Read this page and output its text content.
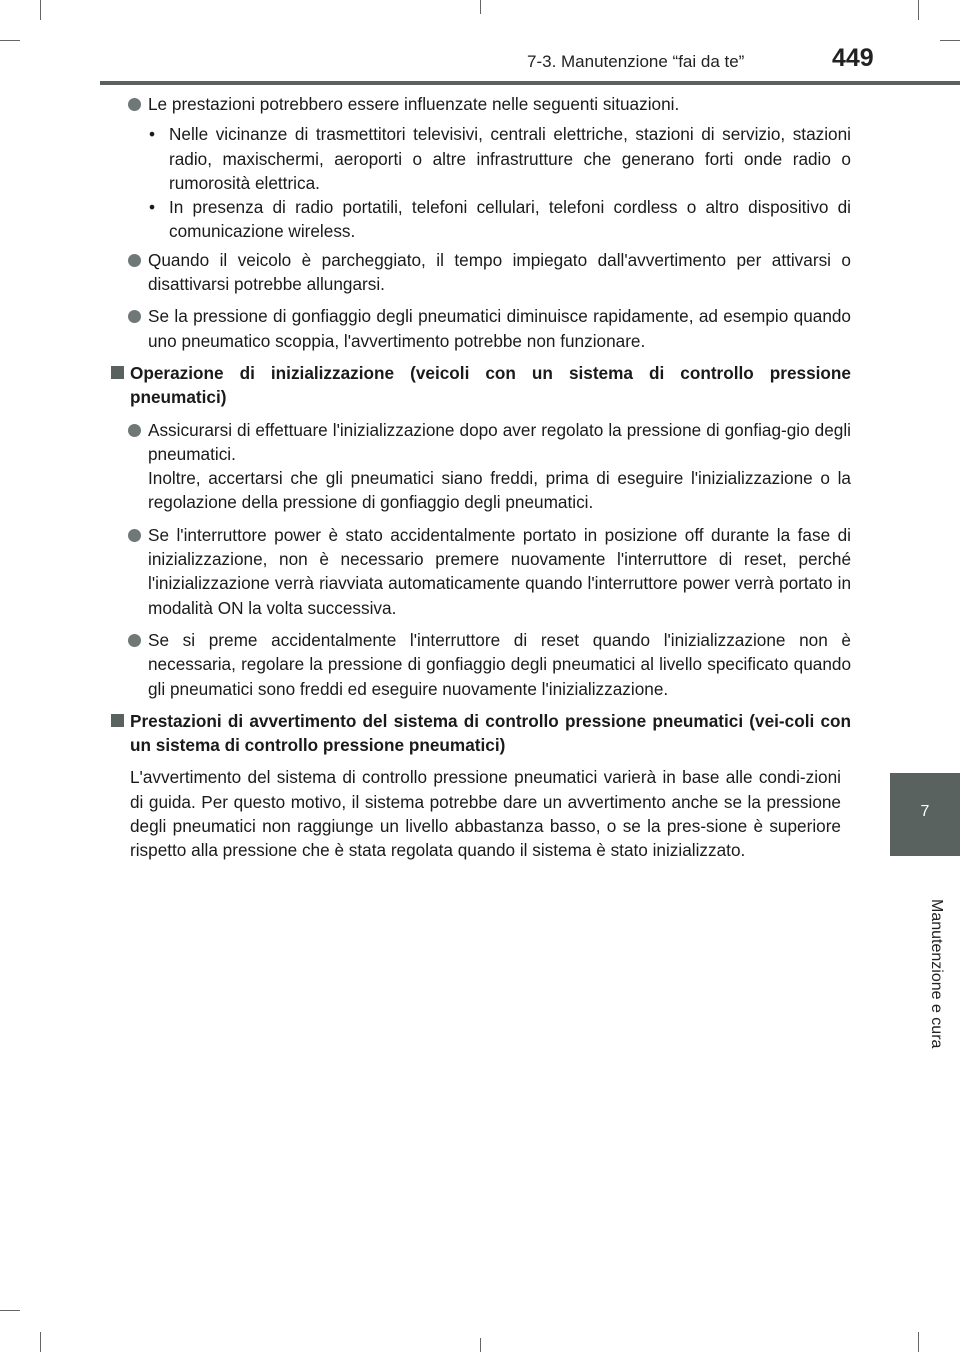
7-3. Manutenzione “fai da te”	449
7
Manutenzione e cura
Le prestazioni potrebbero essere influenzate nelle seguenti situazioni.
• Nelle vicinanze di trasmettitori televisivi, centrali elettriche, stazioni di servizio, stazioni radio, maxischermi, aeroporti o altre infrastrutture che generano forti onde radio o rumorosità elettrica.
• In presenza di radio portatili, telefoni cellulari, telefoni cordless o altro dispositivo di comunicazione wireless.
Quando il veicolo è parcheggiato, il tempo impiegato dall'avvertimento per attivarsi o disattivarsi potrebbe allungarsi.
Se la pressione di gonfiaggio degli pneumatici diminuisce rapidamente, ad esempio quando uno pneumatico scoppia, l'avvertimento potrebbe non funzionare.
Operazione di inizializzazione (veicoli con un sistema di controllo pressione pneumatici)
Assicurarsi di effettuare l'inizializzazione dopo aver regolato la pressione di gonfiag-gio degli pneumatici.
Inoltre, accertarsi che gli pneumatici siano freddi, prima di eseguire l'inizializzazione o la regolazione della pressione di gonfiaggio degli pneumatici.
Se l'interruttore power è stato accidentalmente portato in posizione off durante la fase di inizializzazione, non è necessario premere nuovamente l'interruttore di reset, perché l'inizializzazione verrà riavviata automaticamente quando l'interruttore power verrà portato in modalità ON la volta successiva.
Se si preme accidentalmente l'interruttore di reset quando l'inizializzazione non è necessaria, regolare la pressione di gonfiaggio degli pneumatici al livello specificato quando gli pneumatici sono freddi ed eseguire nuovamente l'inizializzazione.
Prestazioni di avvertimento del sistema di controllo pressione pneumatici (vei-coli con un sistema di controllo pressione pneumatici)
L'avvertimento del sistema di controllo pressione pneumatici varierà in base alle condi-zioni di guida. Per questo motivo, il sistema potrebbe dare un avvertimento anche se la pressione degli pneumatici non raggiunge un livello abbastanza basso, o se la pres-sione è superiore rispetto alla pressione che è stata regolata quando il sistema è stato inizializzato.
